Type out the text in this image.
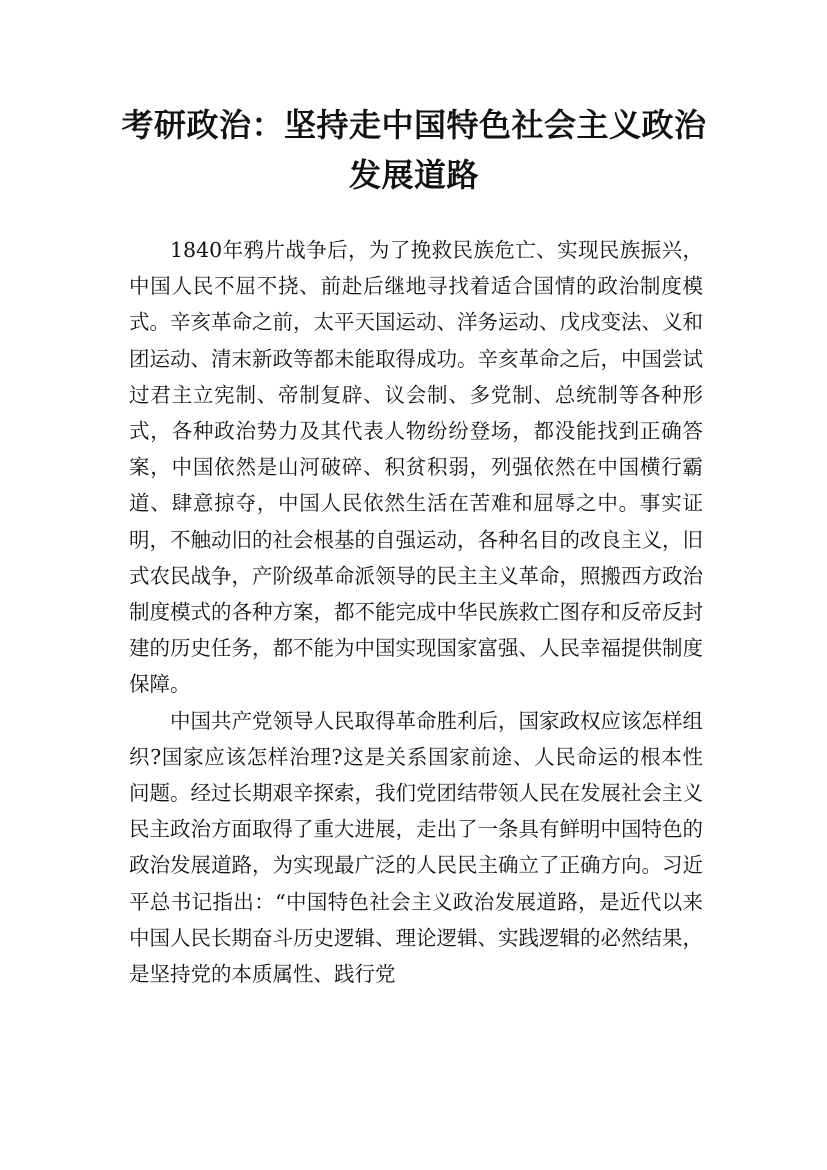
考研政治：坚持走中国特色社会主义政治发展道路

1840年鸦片战争后，为了挽救民族危亡、实现民族振兴，中国人民不屈不挠、前赴后继地寻找着适合国情的政治制度模式。辛亥革命之前，太平天国运动、洋务运动、戊戌变法、义和团运动、清末新政等都未能取得成功。辛亥革命之后，中国尝试过君主立宪制、帝制复辟、议会制、多党制、总统制等各种形式，各种政治势力及其代表人物纷纷登场，都没能找到正确答案，中国依然是山河破碎、积贫积弱，列强依然在中国横行霸道、肆意掠夺，中国人民依然生活在苦难和屈辱之中。事实证明，不触动旧的社会根基的自强运动，各种名目的改良主义，旧式农民战争，产阶级革命派领导的民主主义革命，照搬西方政治制度模式的各种方案，都不能完成中华民族救亡图存和反帝反封建的历史任务，都不能为中国实现国家富强、人民幸福提供制度保障。

中国共产党领导人民取得革命胜利后，国家政权应该怎样组织?国家应该怎样治理?这是关系国家前途、人民命运的根本性问题。经过长期艰辛探索，我们党团结带领人民在发展社会主义民主政治方面取得了重大进展，走出了一条具有鲜明中国特色的政治发展道路，为实现最广泛的人民民主确立了正确方向。习近平总书记指出：“中国特色社会主义政治发展道路，是近代以来中国人民长期奋斗历史逻辑、理论逻辑、实践逻辑的必然结果，是坚持党的本质属性、践行党
